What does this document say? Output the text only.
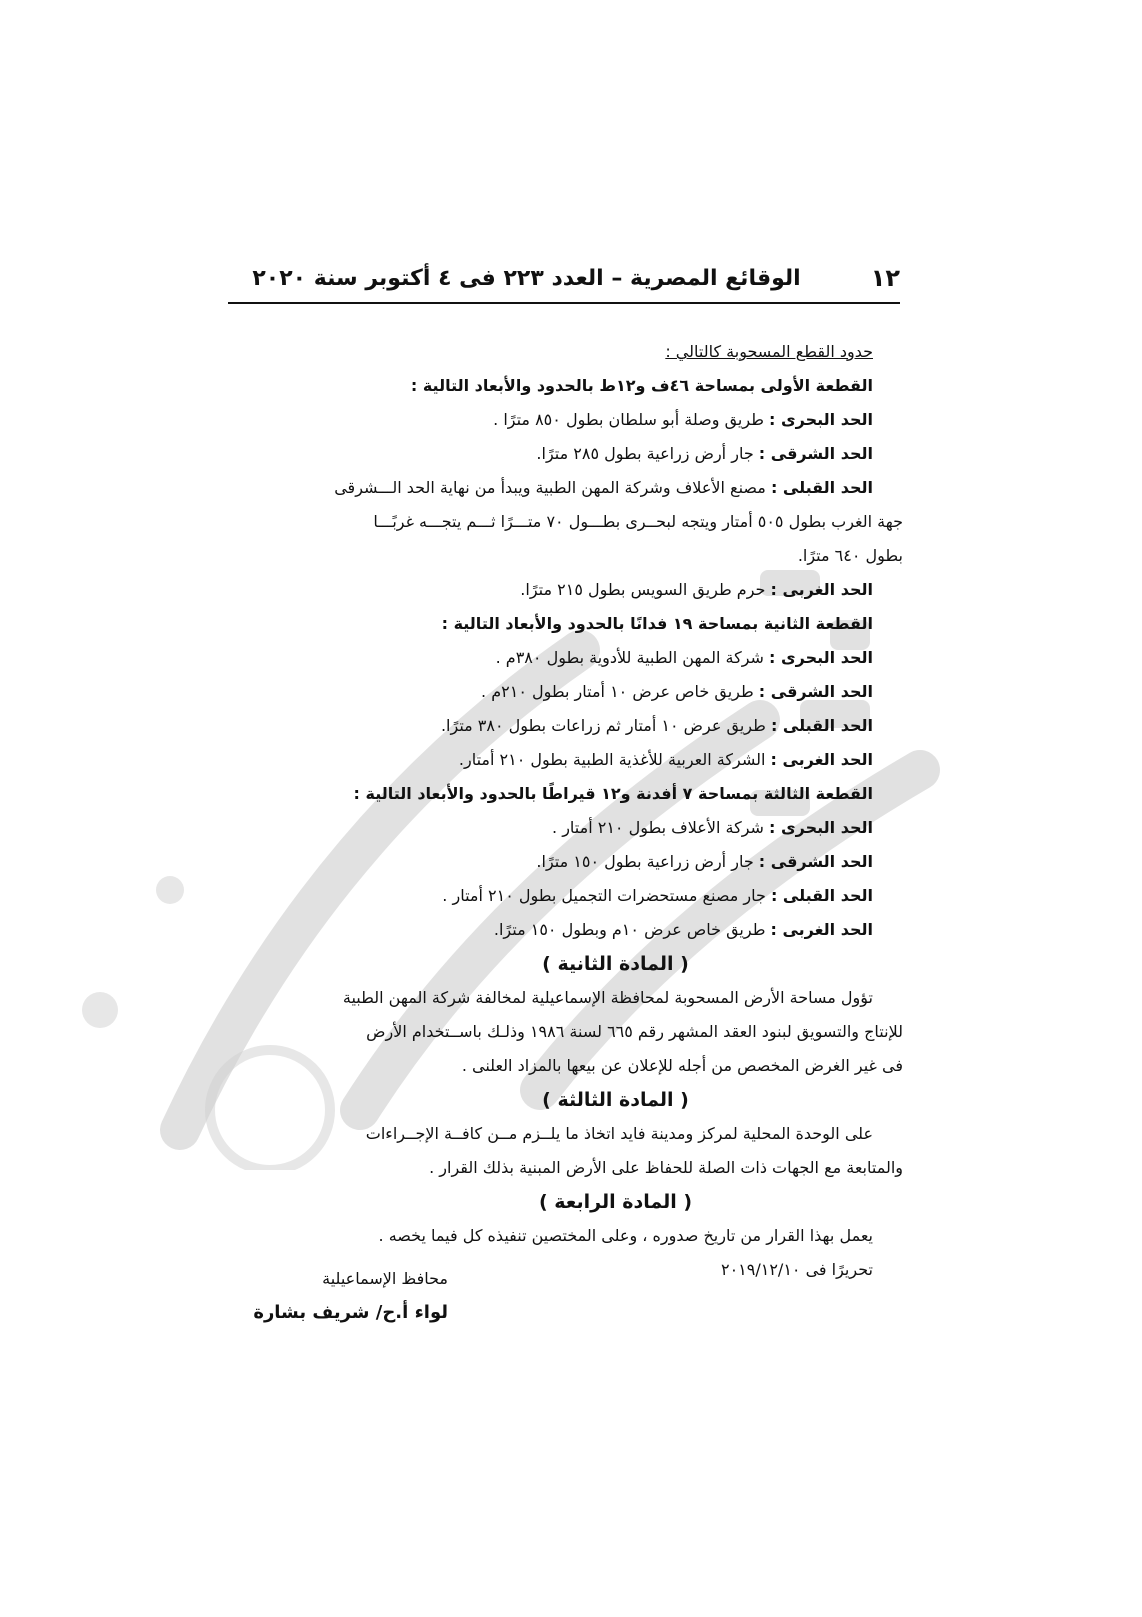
١٢
الوقائع المصرية – العدد ٢٢٣ فى ٤ أكتوبر سنة ٢٠٢٠
حدود القطع المسحوبة كالتالي :
القطعة الأولى بمساحة ٤٦ف و١٢ط بالحدود والأبعاد التالية :
الحد البحرى : طريق وصلة أبو سلطان بطول ٨٥٠ مترًا .
الحد الشرقى : جار أرض زراعية بطول ٢٨٥ مترًا.
الحد القبلى : مصنع الأعلاف وشركة المهن الطبية ويبدأ من نهاية الحد الـــشرقى
جهة الغرب بطول ٥٠٥ أمتار ويتجه لبحــرى بطـــول ٧٠ متـــرًا ثـــم يتجـــه غربًـــا
بطول ٦٤٠ مترًا.
الحد الغربى : حرم طريق السويس بطول ٢١٥ مترًا.
القطعة الثانية بمساحة ١٩ فدانًا بالحدود والأبعاد التالية :
الحد البحرى : شركة المهن الطبية للأدوية بطول ٣٨٠م .
الحد الشرقى : طريق خاص عرض ١٠ أمتار بطول ٢١٠م .
الحد القبلى : طريق عرض ١٠ أمتار ثم زراعات بطول ٣٨٠ مترًا.
الحد الغربى : الشركة العربية للأغذية الطبية بطول ٢١٠ أمتار.
القطعة الثالثة بمساحة ٧ أفدنة و١٢ قيراطًا بالحدود والأبعاد التالية :
الحد البحرى : شركة الأعلاف بطول ٢١٠ أمتار .
الحد الشرقى : جار أرض زراعية بطول ١٥٠ مترًا.
الحد القبلى : جار مصنع مستحضرات التجميل بطول ٢١٠ أمتار .
الحد الغربى : طريق خاص عرض ١٠م وبطول ١٥٠ مترًا.
( المادة الثانية )
تؤول مساحة الأرض المسحوبة لمحافظة الإسماعيلية لمخالفة شركة المهن الطبية
للإنتاج والتسويق لبنود العقد المشهر رقم ٦٦٥ لسنة ١٩٨٦ وذلـك باســتخدام الأرض
فى غير الغرض المخصص من أجله للإعلان عن بيعها بالمزاد العلنى .
( المادة الثالثة )
على الوحدة المحلية لمركز ومدينة فايد اتخاذ ما يلــزم مــن كافــة الإجــراءات
والمتابعة مع الجهات ذات الصلة للحفاظ على الأرض المبنية بذلك القرار .
( المادة الرابعة )
يعمل بهذا القرار من تاريخ صدوره ، وعلى المختصين تنفيذه كل فيما يخصه .
تحريرًا فى ٢٠١٩/١٢/١٠
محافظ الإسماعيلية
لواء أ.ح/ شريف بشارة
